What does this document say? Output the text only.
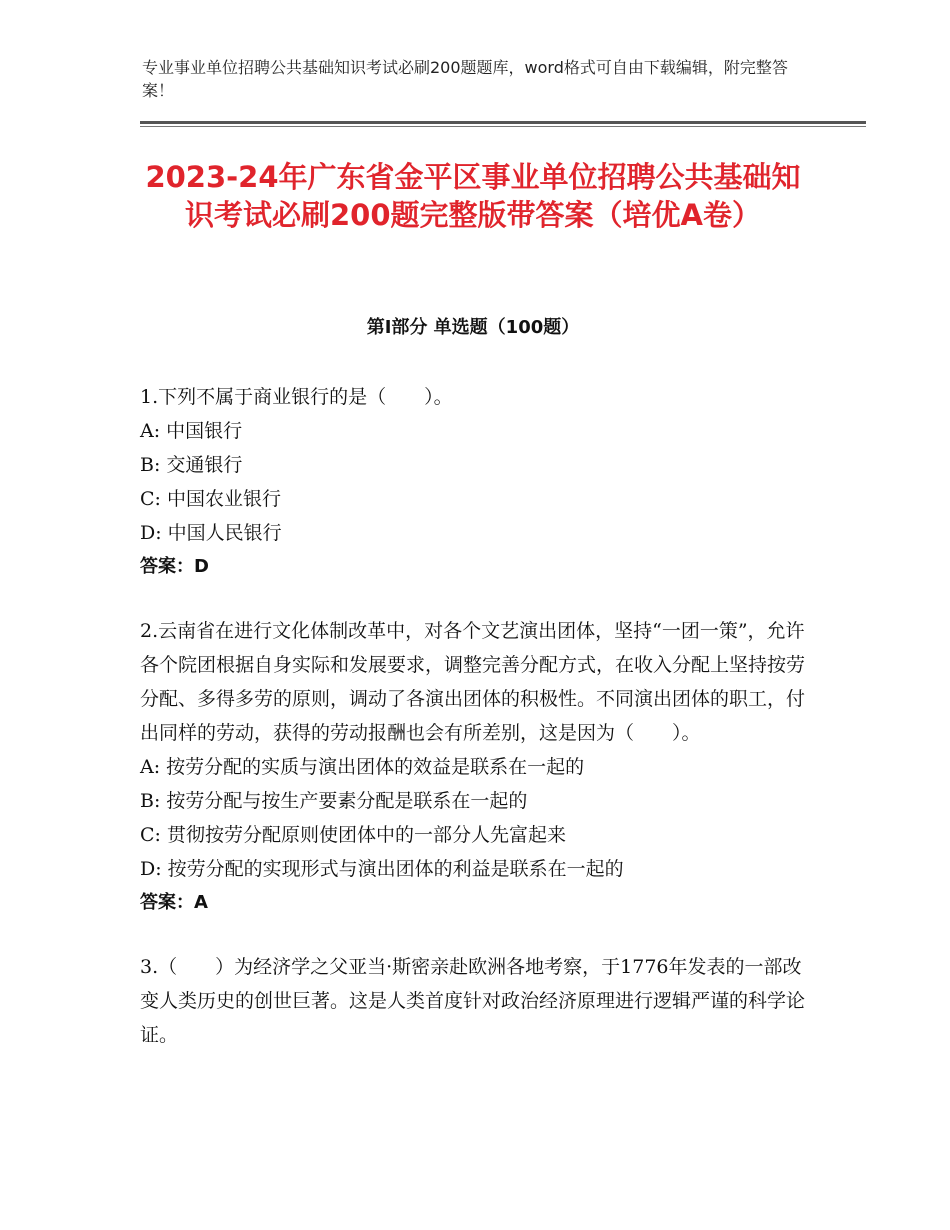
专业事业单位招聘公共基础知识考试必刷200题题库，word格式可自由下载编辑，附完整答案！
2023-24年广东省金平区事业单位招聘公共基础知识考试必刷200题完整版带答案（培优A卷）
第Ⅰ部分 单选题（100题）

1.下列不属于商业银行的是（　　）。

A: 中国银行

B: 交通银行

C: 中国农业银行

D: 中国人民银行

答案：D

2.云南省在进行文化体制改革中，对各个文艺演出团体，坚持“一团一策”，允许各个院团根据自身实际和发展要求，调整完善分配方式，在收入分配上坚持按劳分配、多得多劳的原则，调动了各演出团体的积极性。不同演出团体的职工，付出同样的劳动，获得的劳动报酬也会有所差别，这是因为（　　）。

A: 按劳分配的实质与演出团体的效益是联系在一起的

B: 按劳分配与按生产要素分配是联系在一起的

C: 贯彻按劳分配原则使团体中的一部分人先富起来

D: 按劳分配的实现形式与演出团体的利益是联系在一起的

答案：A

3.（　　）为经济学之父亚当·斯密亲赴欧洲各地考察，于1776年发表的一部改变人类历史的创世巨著。这是人类首度针对政治经济原理进行逻辑严谨的科学论证。
